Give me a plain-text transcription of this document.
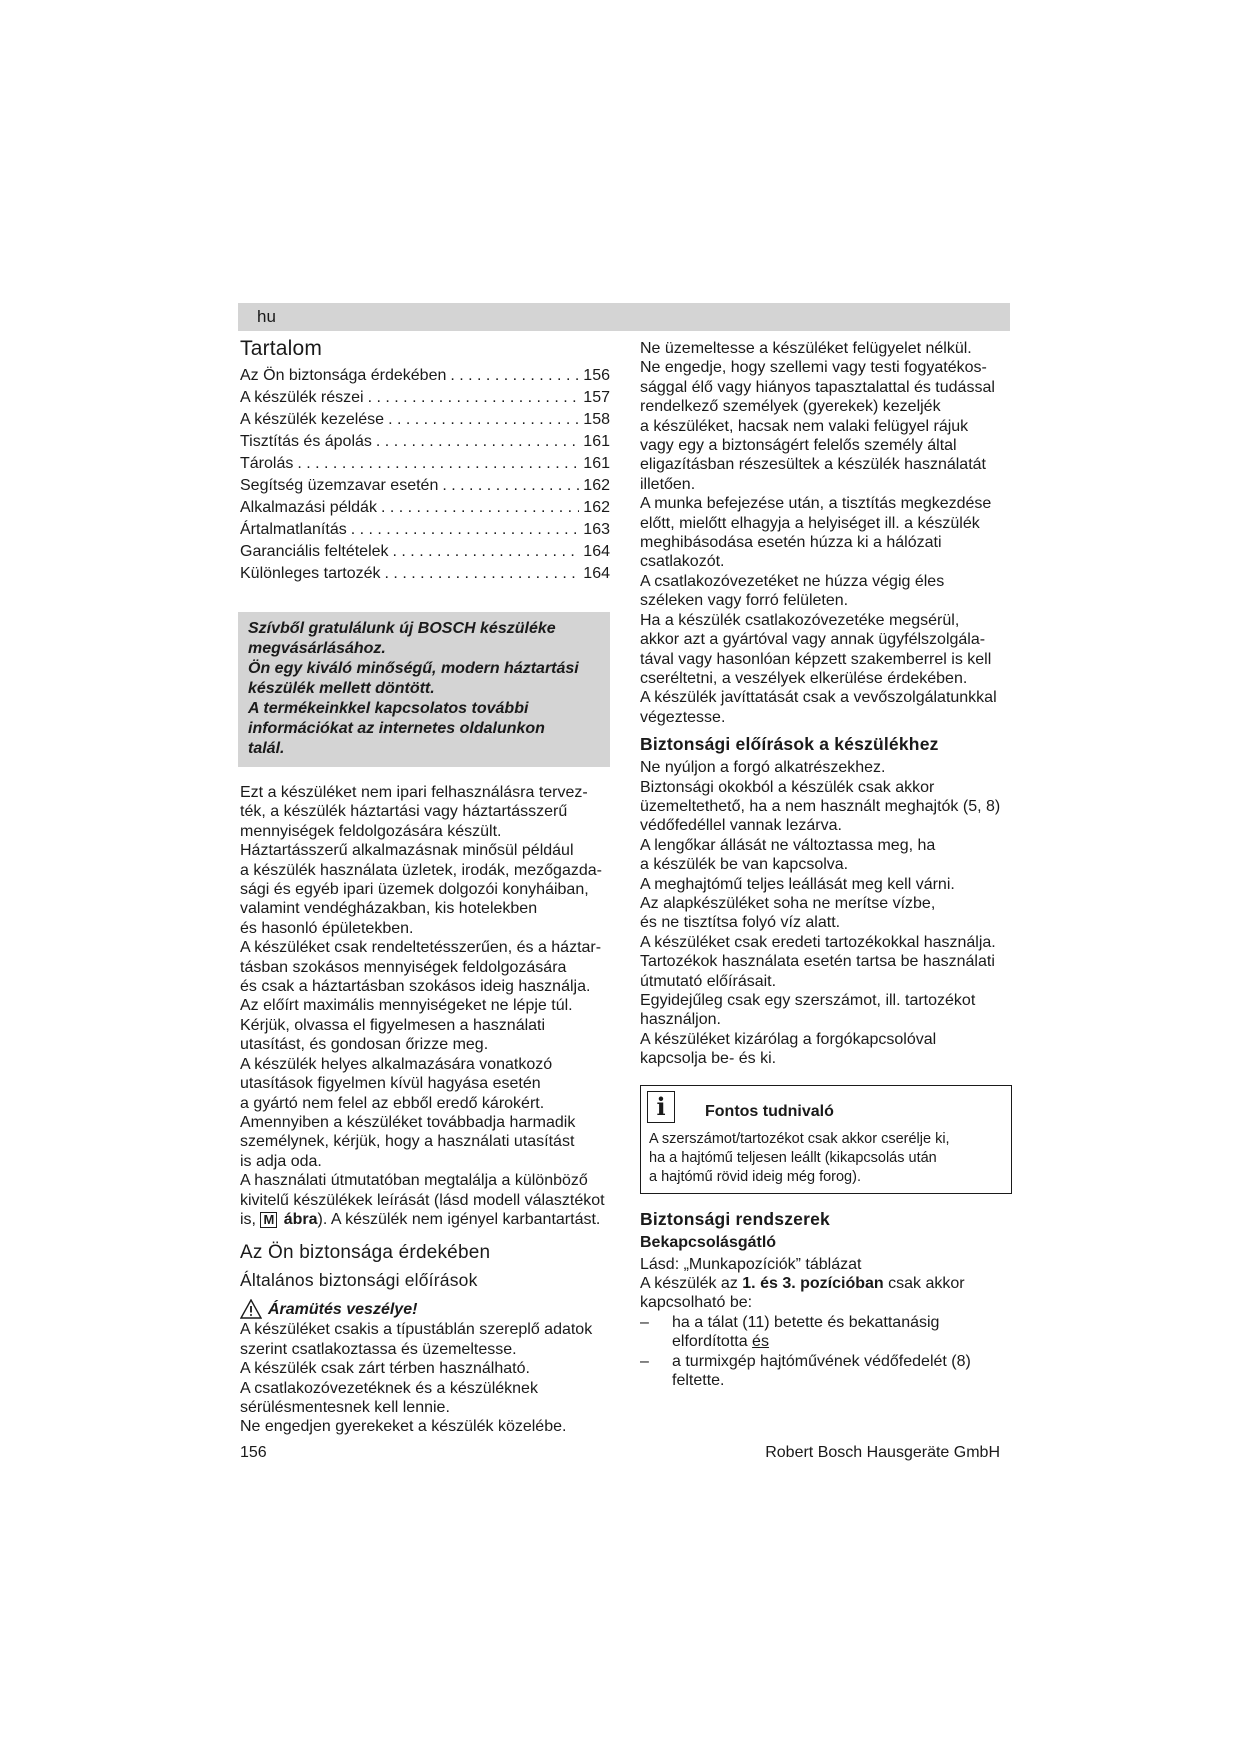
hu
Tartalom
Az Ön biztonsága érdekében . . .	156
A készülék részei . . .	157
A készülék kezelése . . .	158
Tisztítás és ápolás . . .	161
Tárolás . . .	161
Segítség üzemzavar esetén . . .	162
Alkalmazási példák . . .	162
Ártalmatlanítás . . .	163
Garanciális feltételek . . .	164
Különleges tartozék . . .	164

Szívből gratulálunk új BOSCH készüléke

megvásárlásához.

Ön egy kiváló minőségű, modern háztartási

készülék mellett döntött.

A termékeinkkel kapcsolatos további

információkat az internetes oldalunkon

talál.

Ezt a készüléket nem ipari felhasználásra tervez-

ték, a készülék háztartási vagy háztartásszerű

mennyiségek feldolgozására készült.

Háztartásszerű alkalmazásnak minősül például

a készülék használata üzletek, irodák, mezőgazda-

sági és egyéb ipari üzemek dolgozói konyháiban,

valamint vendégházakban, kis hotelekben

és hasonló épületekben.

A készüléket csak rendeltetésszerűen, és a háztar-

tásban szokásos mennyiségek feldolgozására

és csak a háztartásban szokásos ideig használja.

Az előírt maximális mennyiségeket ne lépje túl.

Kérjük, olvassa el figyelmesen a használati

utasítást, és gondosan őrizze meg.

A készülék helyes alkalmazására vonatkozó

utasítások figyelmen kívül hagyása esetén

a gyártó nem felel az ebből eredő károkért.

Amennyiben a készüléket továbbadja harmadik

személynek, kérjük, hogy a használati utasítást

is adja oda.

A használati útmutatóban megtalálja a különböző

kivitelű készülékek leírását (lásd modell választékot

is, M ábra). A készülék nem igényel karbantartást.

Az Ön biztonsága érdekében
Általános biztonsági előírások
Áramütés veszélye!

A készüléket csakis a típustáblán szereplő adatok

szerint csatlakoztassa és üzemeltesse.

A készülék csak zárt térben használható.

A csatlakozóvezetéknek és a készüléknek

sérülésmentesnek kell lennie.

Ne engedjen gyerekeket a készülék közelébe.

Ne üzemeltesse a készüléket felügyelet nélkül.

Ne engedje, hogy szellemi vagy testi fogyatékos-

sággal élő vagy hiányos tapasztalattal és tudással

rendelkező személyek (gyerekek) kezeljék

a készüléket, hacsak nem valaki felügyel rájuk

vagy egy a biztonságért felelős személy által

eligazításban részesültek a készülék használatát

illetően.

A munka befejezése után, a tisztítás megkezdése

előtt, mielőtt elhagyja a helyiséget ill. a készülék

meghibásodása esetén húzza ki a hálózati

csatlakozót.

A csatlakozóvezetéket ne húzza végig éles

széleken vagy forró felületen.

Ha a készülék csatlakozóvezetéke megsérül,

akkor azt a gyártóval vagy annak ügyfélszolgála-

tával vagy hasonlóan képzett szakemberrel is kell

cseréltetni, a veszélyek elkerülése érdekében.

A készülék javíttatását csak a vevőszolgálatunkkal

végeztesse.

Biztonsági előírások a készülékhez

Ne nyúljon a forgó alkatrészekhez.

Biztonsági okokból a készülék csak akkor

üzemeltethető, ha a nem használt meghajtók (5, 8)

védőfedéllel vannak lezárva.

A lengőkar állását ne változtassa meg, ha

a készülék be van kapcsolva.

A meghajtómű teljes leállását meg kell várni.

Az alapkészüléket soha ne merítse vízbe,

és ne tisztítsa folyó víz alatt.

A készüléket csak eredeti tartozékokkal használja.

Tartozékok használata esetén tartsa be használati

útmutató előírásait.

Egyidejűleg csak egy szerszámot, ill. tartozékot

használjon.

A készüléket kizárólag a forgókapcsolóval

kapcsolja be- és ki.

i	Fontos tudnivaló

A szerszámot/tartozékot csak akkor cserélje ki,

ha a hajtómű teljesen leállt (kikapcsolás után

a hajtómű rövid ideig még forog).

Biztonsági rendszerek
Bekapcsolásgátló

Lásd: „Munkapozíciók” táblázat

A készülék az 1. és 3. pozícióban csak akkor

kapcsolható be:

–	ha a tálat (11) betette és bekattanásig
elfordította és
–	a turmixgép hajtóművének védőfedelét (8)
feltette.
156	Robert Bosch Hausgeräte GmbH
